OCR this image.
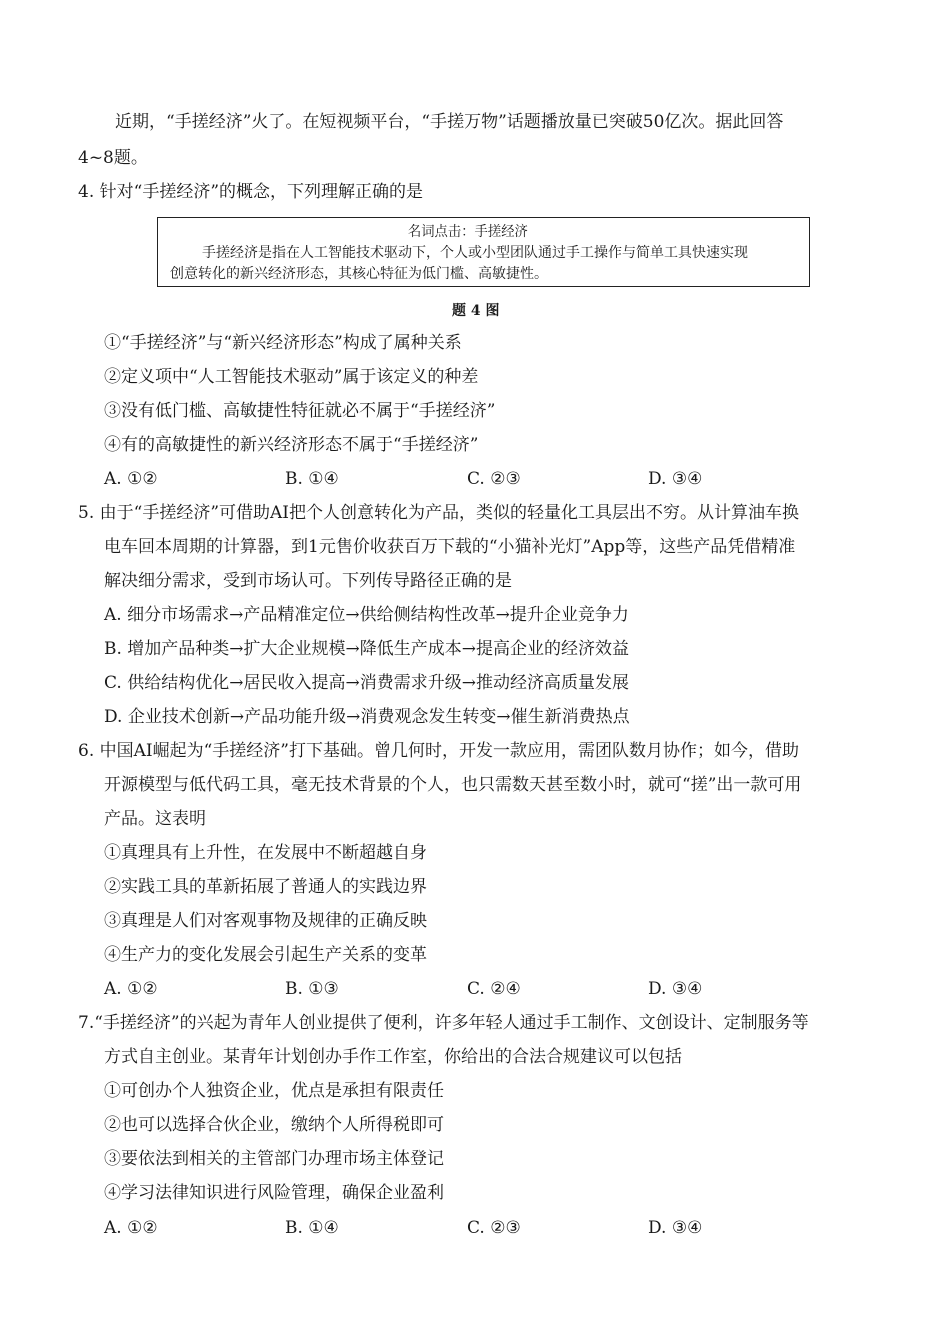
近期，“手搓经济”火了。在短视频平台，“手搓万物”话题播放量已突破50亿次。据此回答
4~8题。
4. 针对“手搓经济”的概念，下列理解正确的是
名词点击：手搓经济
手搓经济是指在人工智能技术驱动下，个人或小型团队通过手工操作与简单工具快速实现
创意转化的新兴经济形态，其核心特征为低门槛、高敏捷性。
题 4 图
①“手搓经济”与“新兴经济形态”构成了属种关系
②定义项中“人工智能技术驱动”属于该定义的种差
③没有低门槛、高敏捷性特征就必不属于“手搓经济”
④有的高敏捷性的新兴经济形态不属于“手搓经济”
A. ①②	B. ①④	C. ②③	D. ③④
5. 由于“手搓经济”可借助AI把个人创意转化为产品，类似的轻量化工具层出不穷。从计算油车换
电车回本周期的计算器，到1元售价收获百万下载的“小猫补光灯”App等，这些产品凭借精准
解决细分需求，受到市场认可。下列传导路径正确的是
A. 细分市场需求→产品精准定位→供给侧结构性改革→提升企业竞争力
B. 增加产品种类→扩大企业规模→降低生产成本→提高企业的经济效益
C. 供给结构优化→居民收入提高→消费需求升级→推动经济高质量发展
D. 企业技术创新→产品功能升级→消费观念发生转变→催生新消费热点
6. 中国AI崛起为“手搓经济”打下基础。曾几何时，开发一款应用，需团队数月协作；如今，借助
开源模型与低代码工具，毫无技术背景的个人，也只需数天甚至数小时，就可“搓”出一款可用
产品。这表明
①真理具有上升性，在发展中不断超越自身
②实践工具的革新拓展了普通人的实践边界
③真理是人们对客观事物及规律的正确反映
④生产力的变化发展会引起生产关系的变革
A. ①②	B. ①③	C. ②④	D. ③④
7.“手搓经济”的兴起为青年人创业提供了便利，许多年轻人通过手工制作、文创设计、定制服务等
方式自主创业。某青年计划创办手作工作室，你给出的合法合规建议可以包括
①可创办个人独资企业，优点是承担有限责任
②也可以选择合伙企业，缴纳个人所得税即可
③要依法到相关的主管部门办理市场主体登记
④学习法律知识进行风险管理，确保企业盈利
A. ①②	B. ①④	C. ②③	D. ③④
